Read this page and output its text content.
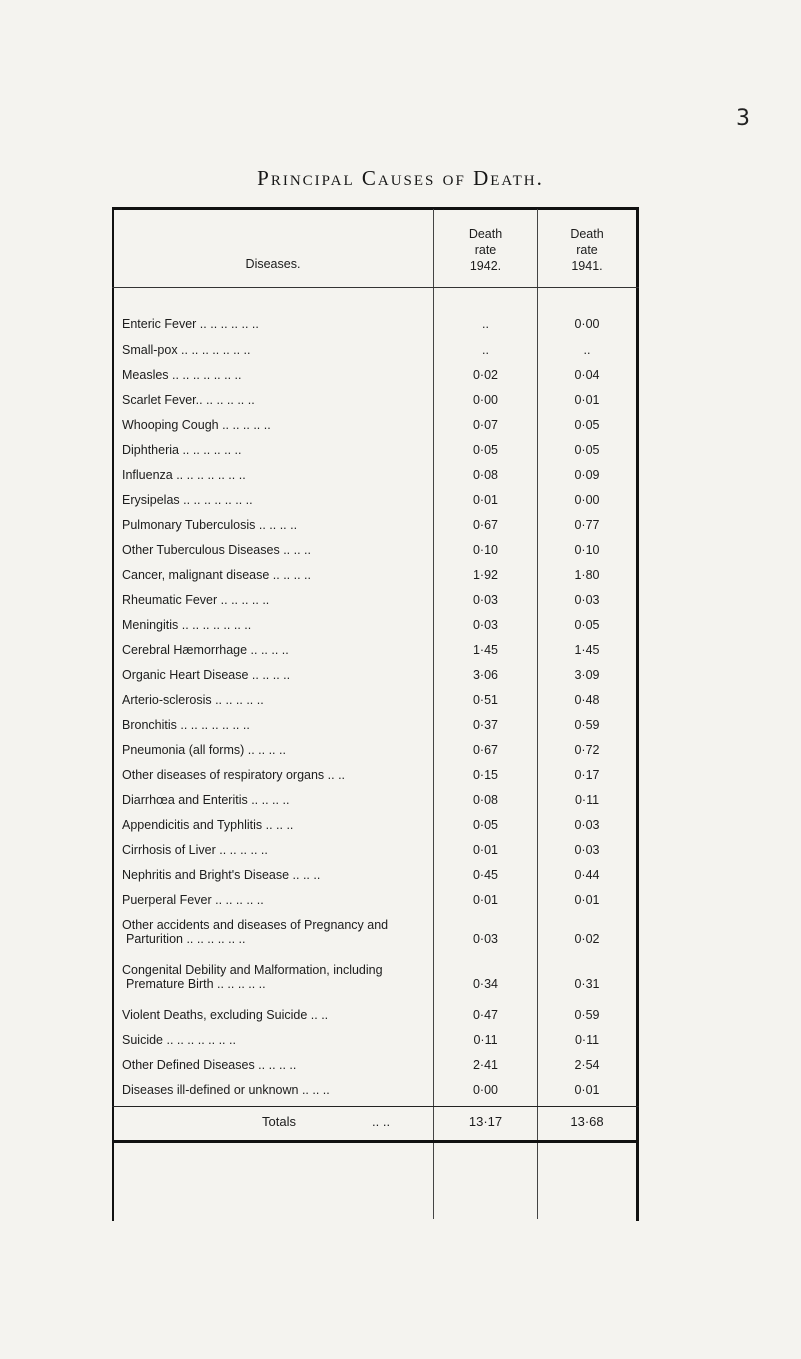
3
Principal Causes of Death.
Diseases.
Death
rate
1942.
Death
rate
1941.
Enteric Fever .. .. .. .. .. ..	..	0·00
Small-pox .. .. .. .. .. .. ..	..	..
Measles .. .. .. .. .. .. ..	0·02	0·04
Scarlet Fever.. .. .. .. .. ..	0·00	0·01
Whooping Cough .. .. .. .. ..	0·07	0·05
Diphtheria .. .. .. .. .. ..	0·05	0·05
Influenza .. .. .. .. .. .. ..	0·08	0·09
Erysipelas .. .. .. .. .. .. ..	0·01	0·00
Pulmonary Tuberculosis .. .. .. ..	0·67	0·77
Other Tuberculous Diseases .. .. ..	0·10	0·10
Cancer, malignant disease .. .. .. ..	1·92	1·80
Rheumatic Fever .. .. .. .. ..	0·03	0·03
Meningitis .. .. .. .. .. .. ..	0·03	0·05
Cerebral Hæmorrhage .. .. .. ..	1·45	1·45
Organic Heart Disease .. .. .. ..	3·06	3·09
Arterio-sclerosis .. .. .. .. ..	0·51	0·48
Bronchitis .. .. .. .. .. .. ..	0·37	0·59
Pneumonia (all forms) .. .. .. ..	0·67	0·72
Other diseases of respiratory organs .. ..	0·15	0·17
Diarrhœa and Enteritis .. .. .. ..	0·08	0·11
Appendicitis and Typhlitis .. .. ..	0·05	0·03
Cirrhosis of Liver .. .. .. .. ..	0·01	0·03
Nephritis and Bright's Disease .. .. ..	0·45	0·44
Puerperal Fever .. .. .. .. ..	0·01	0·01
Other accidents and diseases of Pregnancy and
Parturition .. .. .. .. .. ..	0·03	0·02
Congenital Debility and Malformation, including
Premature Birth .. .. .. .. ..	0·34	0·31
Violent Deaths, excluding Suicide .. ..	0·47	0·59
Suicide .. .. .. .. .. .. ..	0·11	0·11
Other Defined Diseases .. .. .. ..	2·41	2·54
Diseases ill-defined or unknown .. .. ..	0·00	0·01
Totals	.. ..	13·17	13·68
